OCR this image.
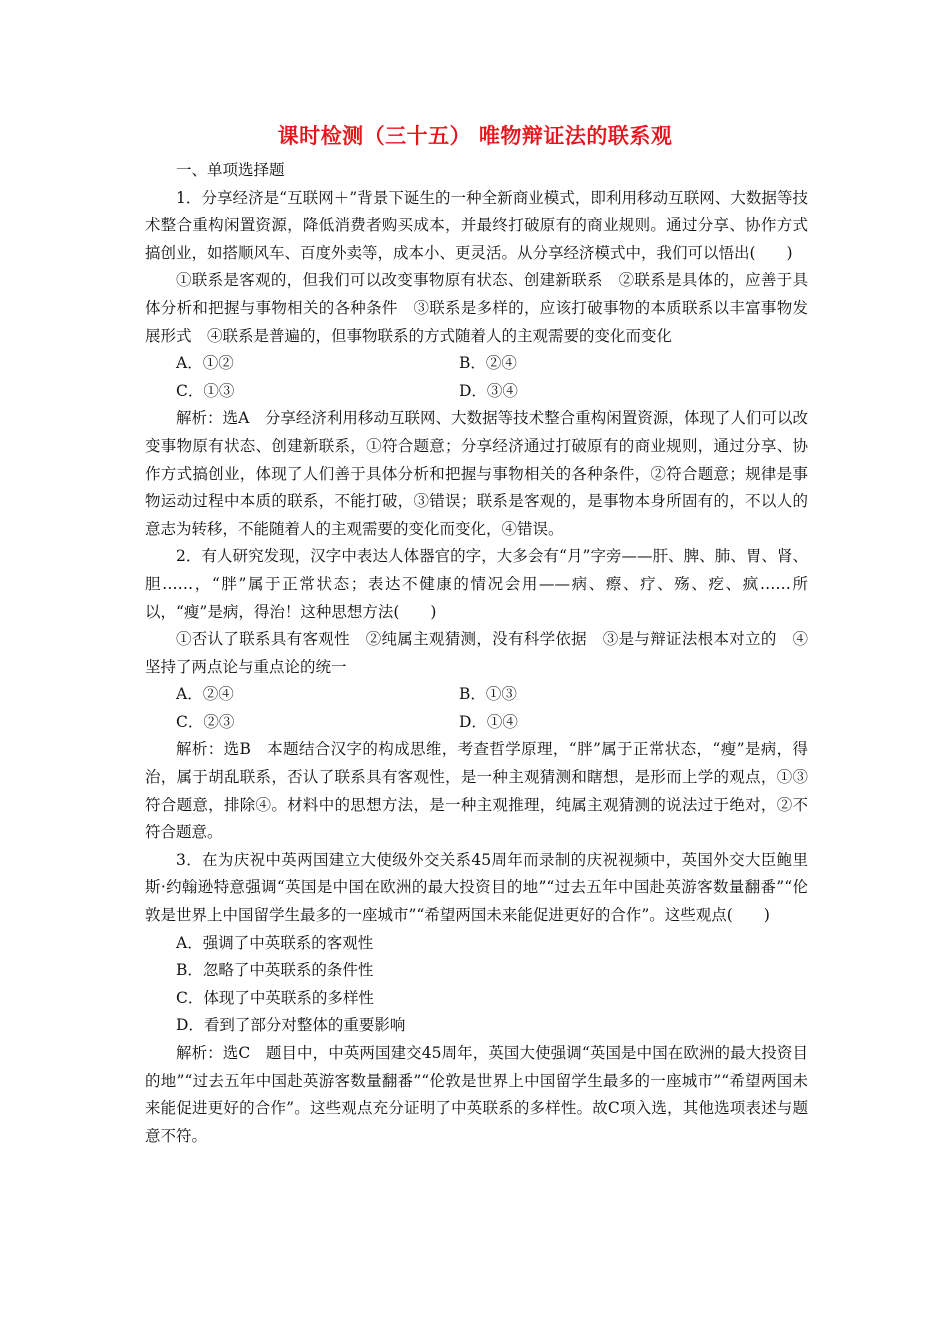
课时检测（三十五） 唯物辩证法的联系观

一、单项选择题

1．分享经济是“互联网＋”背景下诞生的一种全新商业模式，即利用移动互联网、大数据等技术整合重构闲置资源，降低消费者购买成本，并最终打破原有的商业规则。通过分享、协作方式搞创业，如搭顺风车、百度外卖等，成本小、更灵活。从分享经济模式中，我们可以悟出(　　)

①联系是客观的，但我们可以改变事物原有状态、创建新联系　②联系是具体的，应善于具体分析和把握与事物相关的各种条件　③联系是多样的，应该打破事物的本质联系以丰富事物发展形式　④联系是普遍的，但事物联系的方式随着人的主观需要的变化而变化

A．①②	B．②④
C．①③	D．③④

解析：选A　分享经济利用移动互联网、大数据等技术整合重构闲置资源，体现了人们可以改变事物原有状态、创建新联系，①符合题意；分享经济通过打破原有的商业规则，通过分享、协作方式搞创业，体现了人们善于具体分析和把握与事物相关的各种条件，②符合题意；规律是事物运动过程中本质的联系，不能打破，③错误；联系是客观的，是事物本身所固有的，不以人的意志为转移，不能随着人的主观需要的变化而变化，④错误。

2．有人研究发现，汉字中表达人体器官的字，大多会有“月”字旁——肝、脾、肺、胃、肾、胆……，“胖”属于正常状态；表达不健康的情况会用——病、瘵、疗、殇、疙、疯……所以，“瘦”是病，得治！这种思想方法(　　)

①否认了联系具有客观性　②纯属主观猜测，没有科学依据　③是与辩证法根本对立的　④坚持了两点论与重点论的统一

A．②④	B．①③
C．②③	D．①④

解析：选B　本题结合汉字的构成思维，考查哲学原理，“胖”属于正常状态，“瘦”是病，得治，属于胡乱联系，否认了联系具有客观性，是一种主观猜测和瞎想，是形而上学的观点，①③符合题意，排除④。材料中的思想方法，是一种主观推理，纯属主观猜测的说法过于绝对，②不符合题意。

3．在为庆祝中英两国建立大使级外交关系45周年而录制的庆祝视频中，英国外交大臣鲍里斯·约翰逊特意强调“英国是中国在欧洲的最大投资目的地”“过去五年中国赴英游客数量翻番”“伦敦是世界上中国留学生最多的一座城市”“希望两国未来能促进更好的合作”。这些观点(　　)

A．强调了中英联系的客观性

B．忽略了中英联系的条件性

C．体现了中英联系的多样性

D．看到了部分对整体的重要影响

解析：选C　题目中，中英两国建交45周年，英国大使强调“英国是中国在欧洲的最大投资目的地”“过去五年中国赴英游客数量翻番”“伦敦是世界上中国留学生最多的一座城市”“希望两国未来能促进更好的合作”。这些观点充分证明了中英联系的多样性。故C项入选，其他选项表述与题意不符。
